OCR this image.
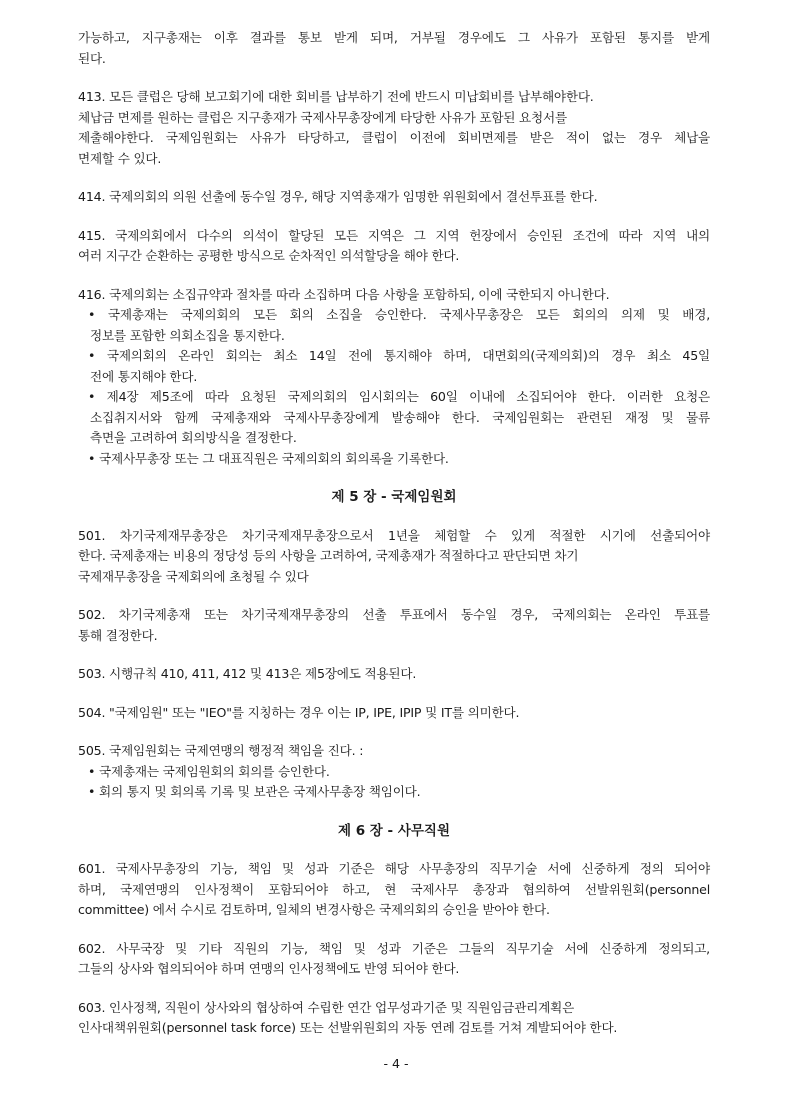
가능하고, 지구총재는 이후 결과를 통보 받게 되며, 거부될 경우에도 그 사유가 포함된 통지를 받게

된다.

413. 모든 클럽은 당해 보고회기에 대한 회비를 납부하기 전에 반드시 미납회비를 납부해야한다.

체납금 면제를 원하는 클럽은 지구총재가 국제사무총장에게 타당한 사유가 포함된 요청서를

제출해야한다. 국제임원회는 사유가 타당하고, 클럽이 이전에 회비면제를 받은 적이 없는 경우 체납을

면제할 수 있다.

414. 국제의회의 의원 선출에 동수일 경우, 해당 지역총재가 임명한 위원회에서 결선투표를 한다.

415. 국제의회에서 다수의 의석이 할당된 모든 지역은 그 지역 헌장에서 승인된 조건에 따라 지역 내의

여러 지구간 순환하는 공평한 방식으로 순차적인 의석할당을 해야 한다.

416. 국제의회는 소집규약과 절차를 따라 소집하며 다음 사항을 포함하되, 이에 국한되지 아니한다.

• 국제총재는 국제의회의 모든 회의 소집을 승인한다. 국제사무총장은 모든 회의의 의제 및 배경,

정보를 포함한 의회소집을 통지한다.

• 국제의회의 온라인 회의는 최소 14일 전에 통지해야 하며, 대면회의(국제의회)의 경우 최소 45일

전에 통지해야 한다.

• 제4장 제5조에 따라 요청된 국제의회의 임시회의는 60일 이내에 소집되어야 한다. 이러한 요청은

소집취지서와 함께 국제총재와 국제사무총장에게 발송해야 한다. 국제임원회는 관련된 재정 및 물류

측면을 고려하여 회의방식을 결정한다.

• 국제사무총장 또는 그 대표직원은 국제의회의 회의록을 기록한다.

제 5 장 - 국제임원회

501. 차기국제재무총장은 차기국제재무총장으로서 1년을 체험할 수 있게 적절한 시기에 선출되어야

한다. 국제총재는 비용의 정당성 등의 사항을 고려하여, 국제총재가 적절하다고 판단되면 차기

국제재무총장을 국제회의에 초청될 수 있다

502. 차기국제총재 또는 차기국제재무총장의 선출 투표에서 동수일 경우, 국제의회는 온라인 투표를

통해 결정한다.

503. 시행규칙 410, 411, 412 및 413은 제5장에도 적용된다.

504. "국제임원" 또는 "IEO"를 지칭하는 경우 이는 IP, IPE, IPIP 및 IT를 의미한다.

505. 국제임원회는 국제연맹의 행정적 책임을 진다. :

• 국제총재는 국제임원회의 회의를 승인한다.

• 회의 통지 및 회의록 기록 및 보관은 국제사무총장 책임이다.

제 6 장 - 사무직원

601. 국제사무총장의 기능, 책임 및 성과 기준은 해당 사무총장의 직무기술 서에 신중하게 정의 되어야

하며, 국제연맹의 인사정책이 포함되어야 하고, 현 국제사무 총장과 협의하여 선발위원회(personnel

committee) 에서 수시로 검토하며, 일체의 변경사항은 국제의회의 승인을 받아야 한다.

602. 사무국장 및 기타 직원의 기능, 책임 및 성과 기준은 그들의 직무기술 서에 신중하게 정의되고,

그들의 상사와 협의되어야 하며 연맹의 인사정책에도 반영 되어야 한다.

603. 인사정책, 직원이 상사와의 협상하여 수립한 연간 업무성과기준 및 직원임금관리계획은

인사대책위원회(personnel task force) 또는 선발위원회의 자동 연례 검토를 거쳐 계발되어야 한다.

- 4 -
